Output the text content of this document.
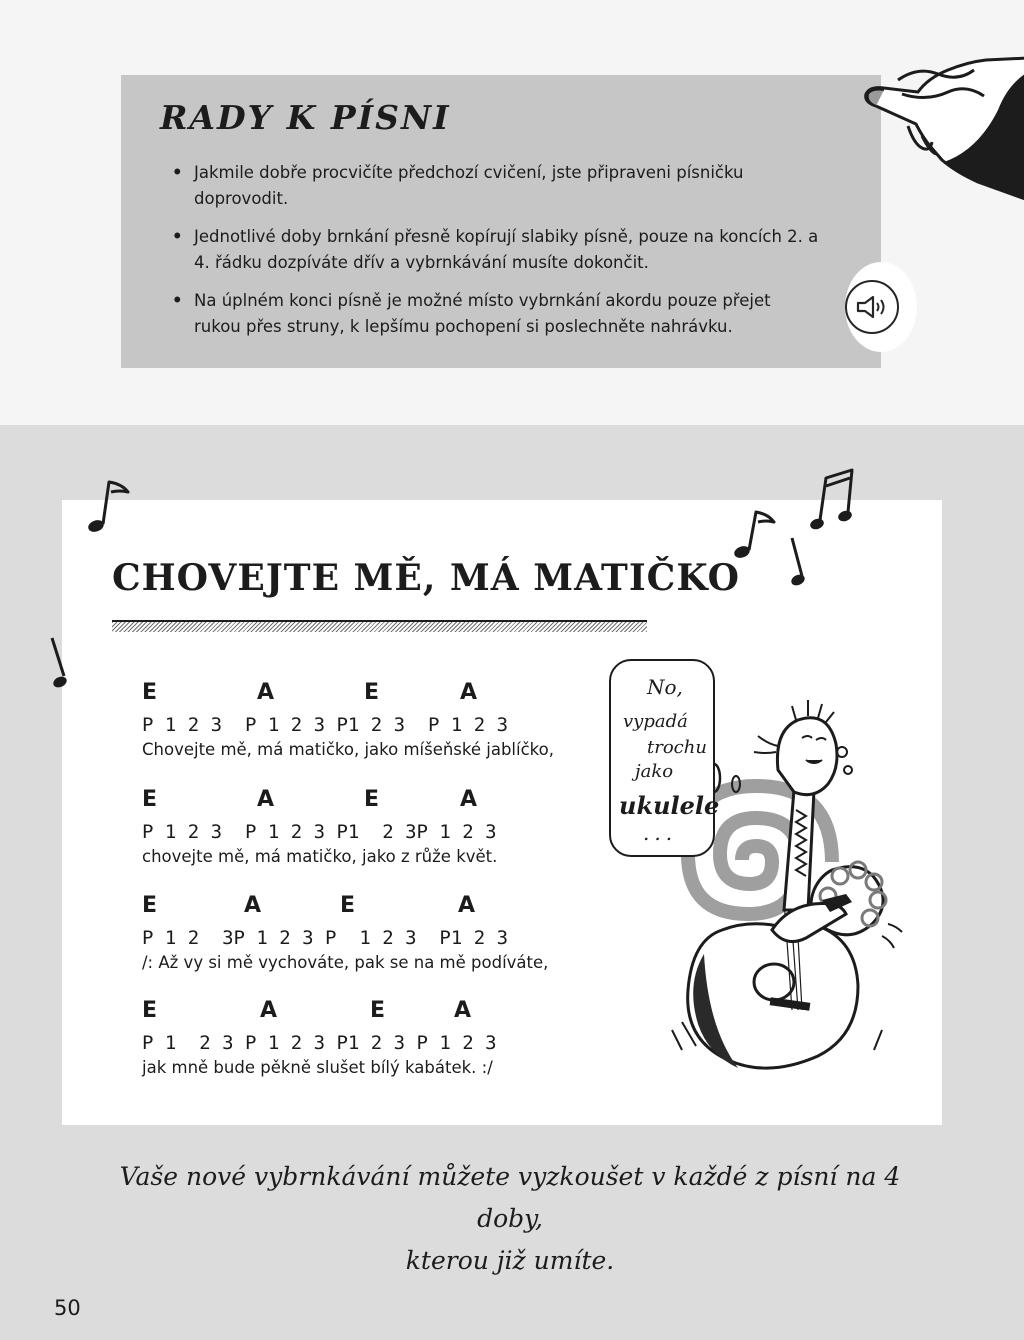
RADY K PÍSNI
• Jakmile dobře procvičíte předchozí cvičení, jste připraveni písničku doprovodit.
• Jednotlivé doby brnkání přesně kopírují slabiky písně, pouze na koncích 2. a 4. řádku dozpíváte dřív a vybrnkávání musíte dokončit.
• Na úplném konci písně je možné místo vybrnkání akordu pouze přejet rukou přes struny, k lepšímu pochopení si poslechněte nahrávku.
CHOVEJTE MĚ, MÁ MATIČKO
E	A	E	A
P 1 2 3  P 1 2 3 P1 2 3  P 1 2 3
Chovejte mě, má matičko, jako míšeňské jablíčko,
E	A	E	A
P 1 2 3  P 1 2 3 P1  2 3P 1 2 3
chovejte mě, má matičko, jako z růže květ.
E	A	E	A
P 1 2  3P 1 2 3 P  1 2 3  P1 2 3
/: Až vy si mě vychováte, pak se na mě podíváte,
E	A	E	A
P 1  2 3 P 1 2 3 P1 2 3 P 1 2 3
jak mně bude pěkně slušet bílý kabátek. :/
No,
vypadá
trochu
jako
ukulele
...

Vaše nové vybrnkávání můžete vyzkoušet v každé z písní na 4 doby,
kterou již umíte.

50
